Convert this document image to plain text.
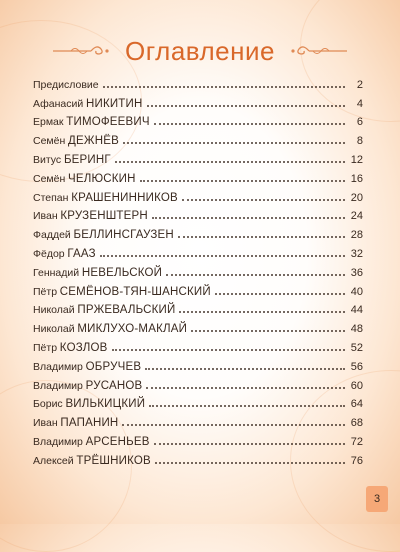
Оглавление
Предисловие	2
Афанасий НИКИТИН	4
Ермак ТИМОФЕЕВИЧ	6
Семён ДЕЖНЁВ	8
Витус БЕРИНГ	12
Семён ЧЕЛЮСКИН	16
Степан КРАШЕНИННИКОВ	20
Иван КРУЗЕНШТЕРН	24
Фаддей БЕЛЛИНСГАУЗЕН	28
Фёдор ГААЗ	32
Геннадий НЕВЕЛЬСКОЙ	36
Пётр СЕМЁНОВ-ТЯН-ШАНСКИЙ	40
Николай ПРЖЕВАЛЬСКИЙ	44
Николай МИКЛУХО-МАКЛАЙ	48
Пётр КОЗЛОВ	52
Владимир ОБРУЧЕВ	56
Владимир РУСАНОВ	60
Борис ВИЛЬКИЦКИЙ	64
Иван ПАПАНИН	68
Владимир АРСЕНЬЕВ	72
Алексей ТРЁШНИКОВ	76
3
